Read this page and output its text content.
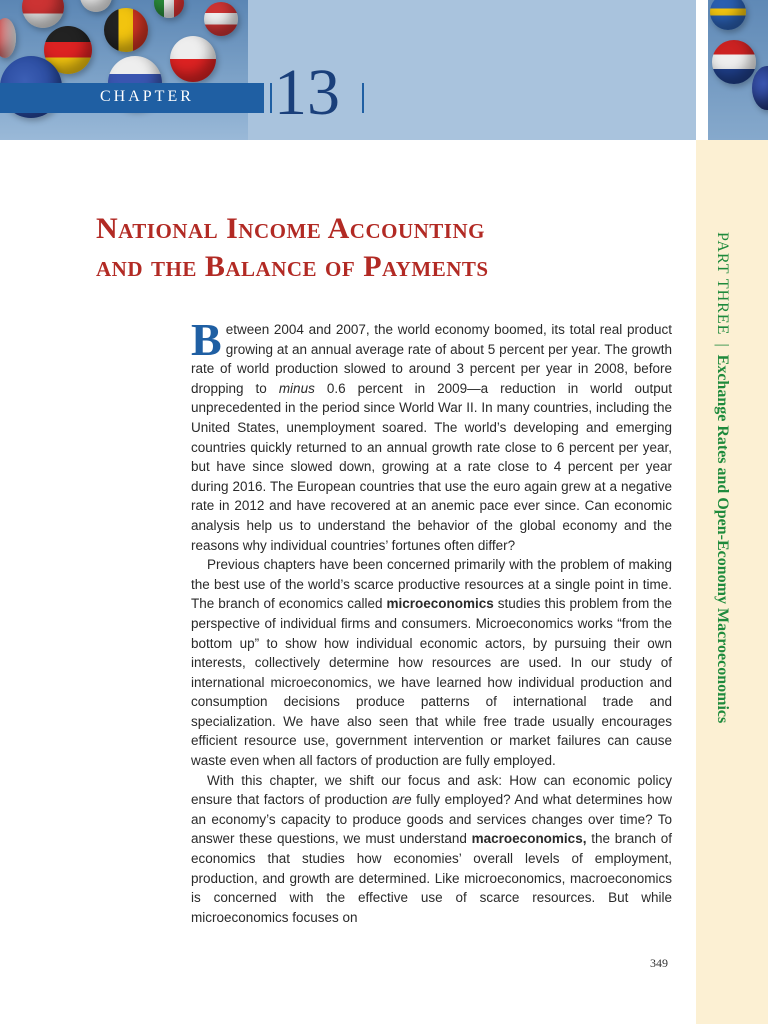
CHAPTER 13
PART THREE|Exchange Rates and Open-Economy Macroeconomics
National Income Accounting
and the Balance of Payments

Between 2004 and 2007, the world economy boomed, its total real product growing at an annual average rate of about 5 percent per year. The growth rate of world production slowed to around 3 percent per year in 2008, before dropping to minus 0.6 percent in 2009—a reduction in world output unprecedented in the period since World War II. In many countries, including the United States, unemployment soared. The world’s developing and emerging countries quickly returned to an annual growth rate close to 6 percent per year, but have since slowed down, growing at a rate close to 4 percent per year during 2016. The European countries that use the euro again grew at a negative rate in 2012 and have recovered at an anemic pace ever since. Can economic analysis help us to understand the behavior of the global economy and the reasons why individual countries’ fortunes often differ?

Previous chapters have been concerned primarily with the problem of making the best use of the world’s scarce productive resources at a single point in time. The branch of economics called microeconomics studies this problem from the perspective of individual firms and consumers. Microeconomics works “from the bottom up” to show how individual economic actors, by pursuing their own interests, collectively determine how resources are used. In our study of international microeconomics, we have learned how individual production and consumption decisions produce patterns of international trade and specialization. We have also seen that while free trade usually encourages efficient resource use, government intervention or market failures can cause waste even when all factors of production are fully employed.

With this chapter, we shift our focus and ask: How can economic policy ensure that factors of production are fully employed? And what determines how an economy’s capacity to produce goods and services changes over time? To answer these questions, we must understand macroeconomics, the branch of economics that studies how economies’ overall levels of employment, production, and growth are determined. Like microeconomics, macroeconomics is concerned with the effective use of scarce resources. But while microeconomics focuses on

349
